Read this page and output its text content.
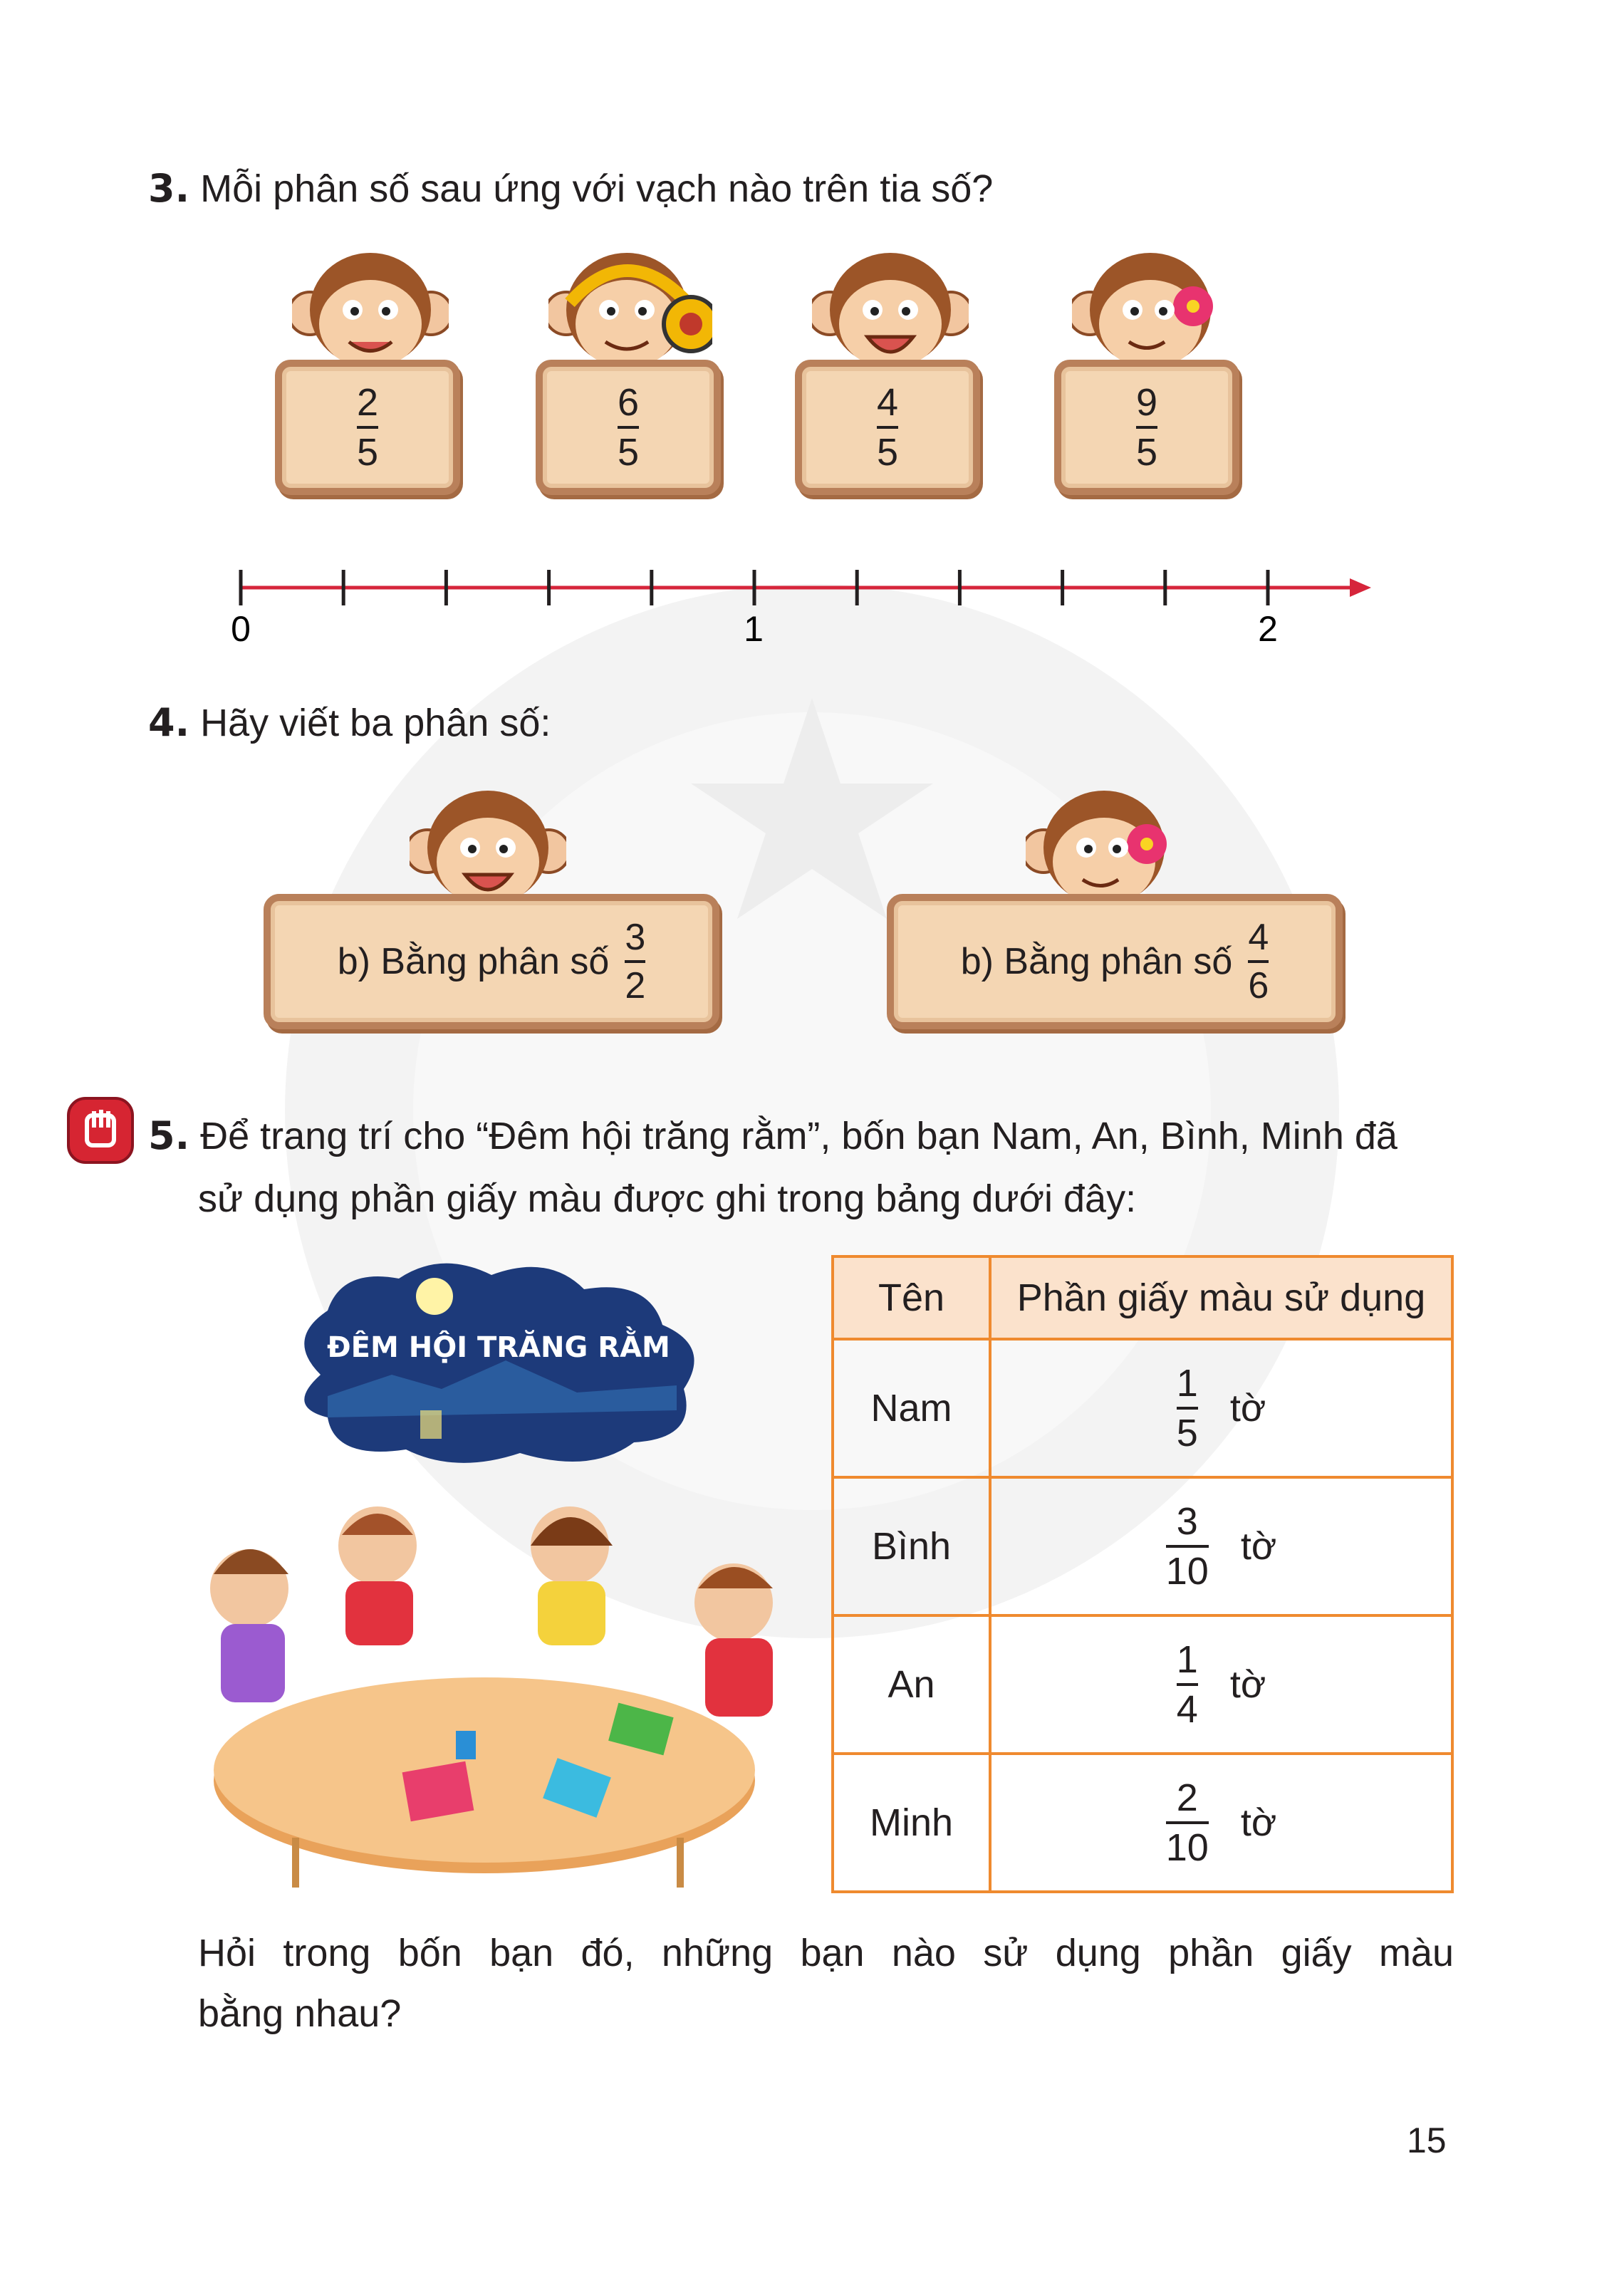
3. Mỗi phân số sau ứng với vạch nào trên tia số?
$\frac{2}{5}$	$\frac{6}{5}$	$\frac{4}{5}$	$\frac{9}{5}$
0	1	2
4. Hãy viết ba phân số:
b) Bằng phân số $\frac{3}{2}$	b) Bằng phân số $\frac{4}{6}$
5. Để trang trí cho “Đêm hội trăng rằm”, bốn bạn Nam, An, Bình, Minh đã
sử dụng phần giấy màu được ghi trong bảng dưới đây:
ĐÊM HỘI TRĂNG RẰM
Tên	Phần giấy màu sử dụng
Nam	$\frac{1}{5}$ tờ
Bình	$\frac{3}{10}$ tờ
An	$\frac{1}{4}$ tờ
Minh	$\frac{2}{10}$ tờ
Hỏi trong bốn bạn đó, những bạn nào sử dụng phần giấy màu
bằng nhau?
15
